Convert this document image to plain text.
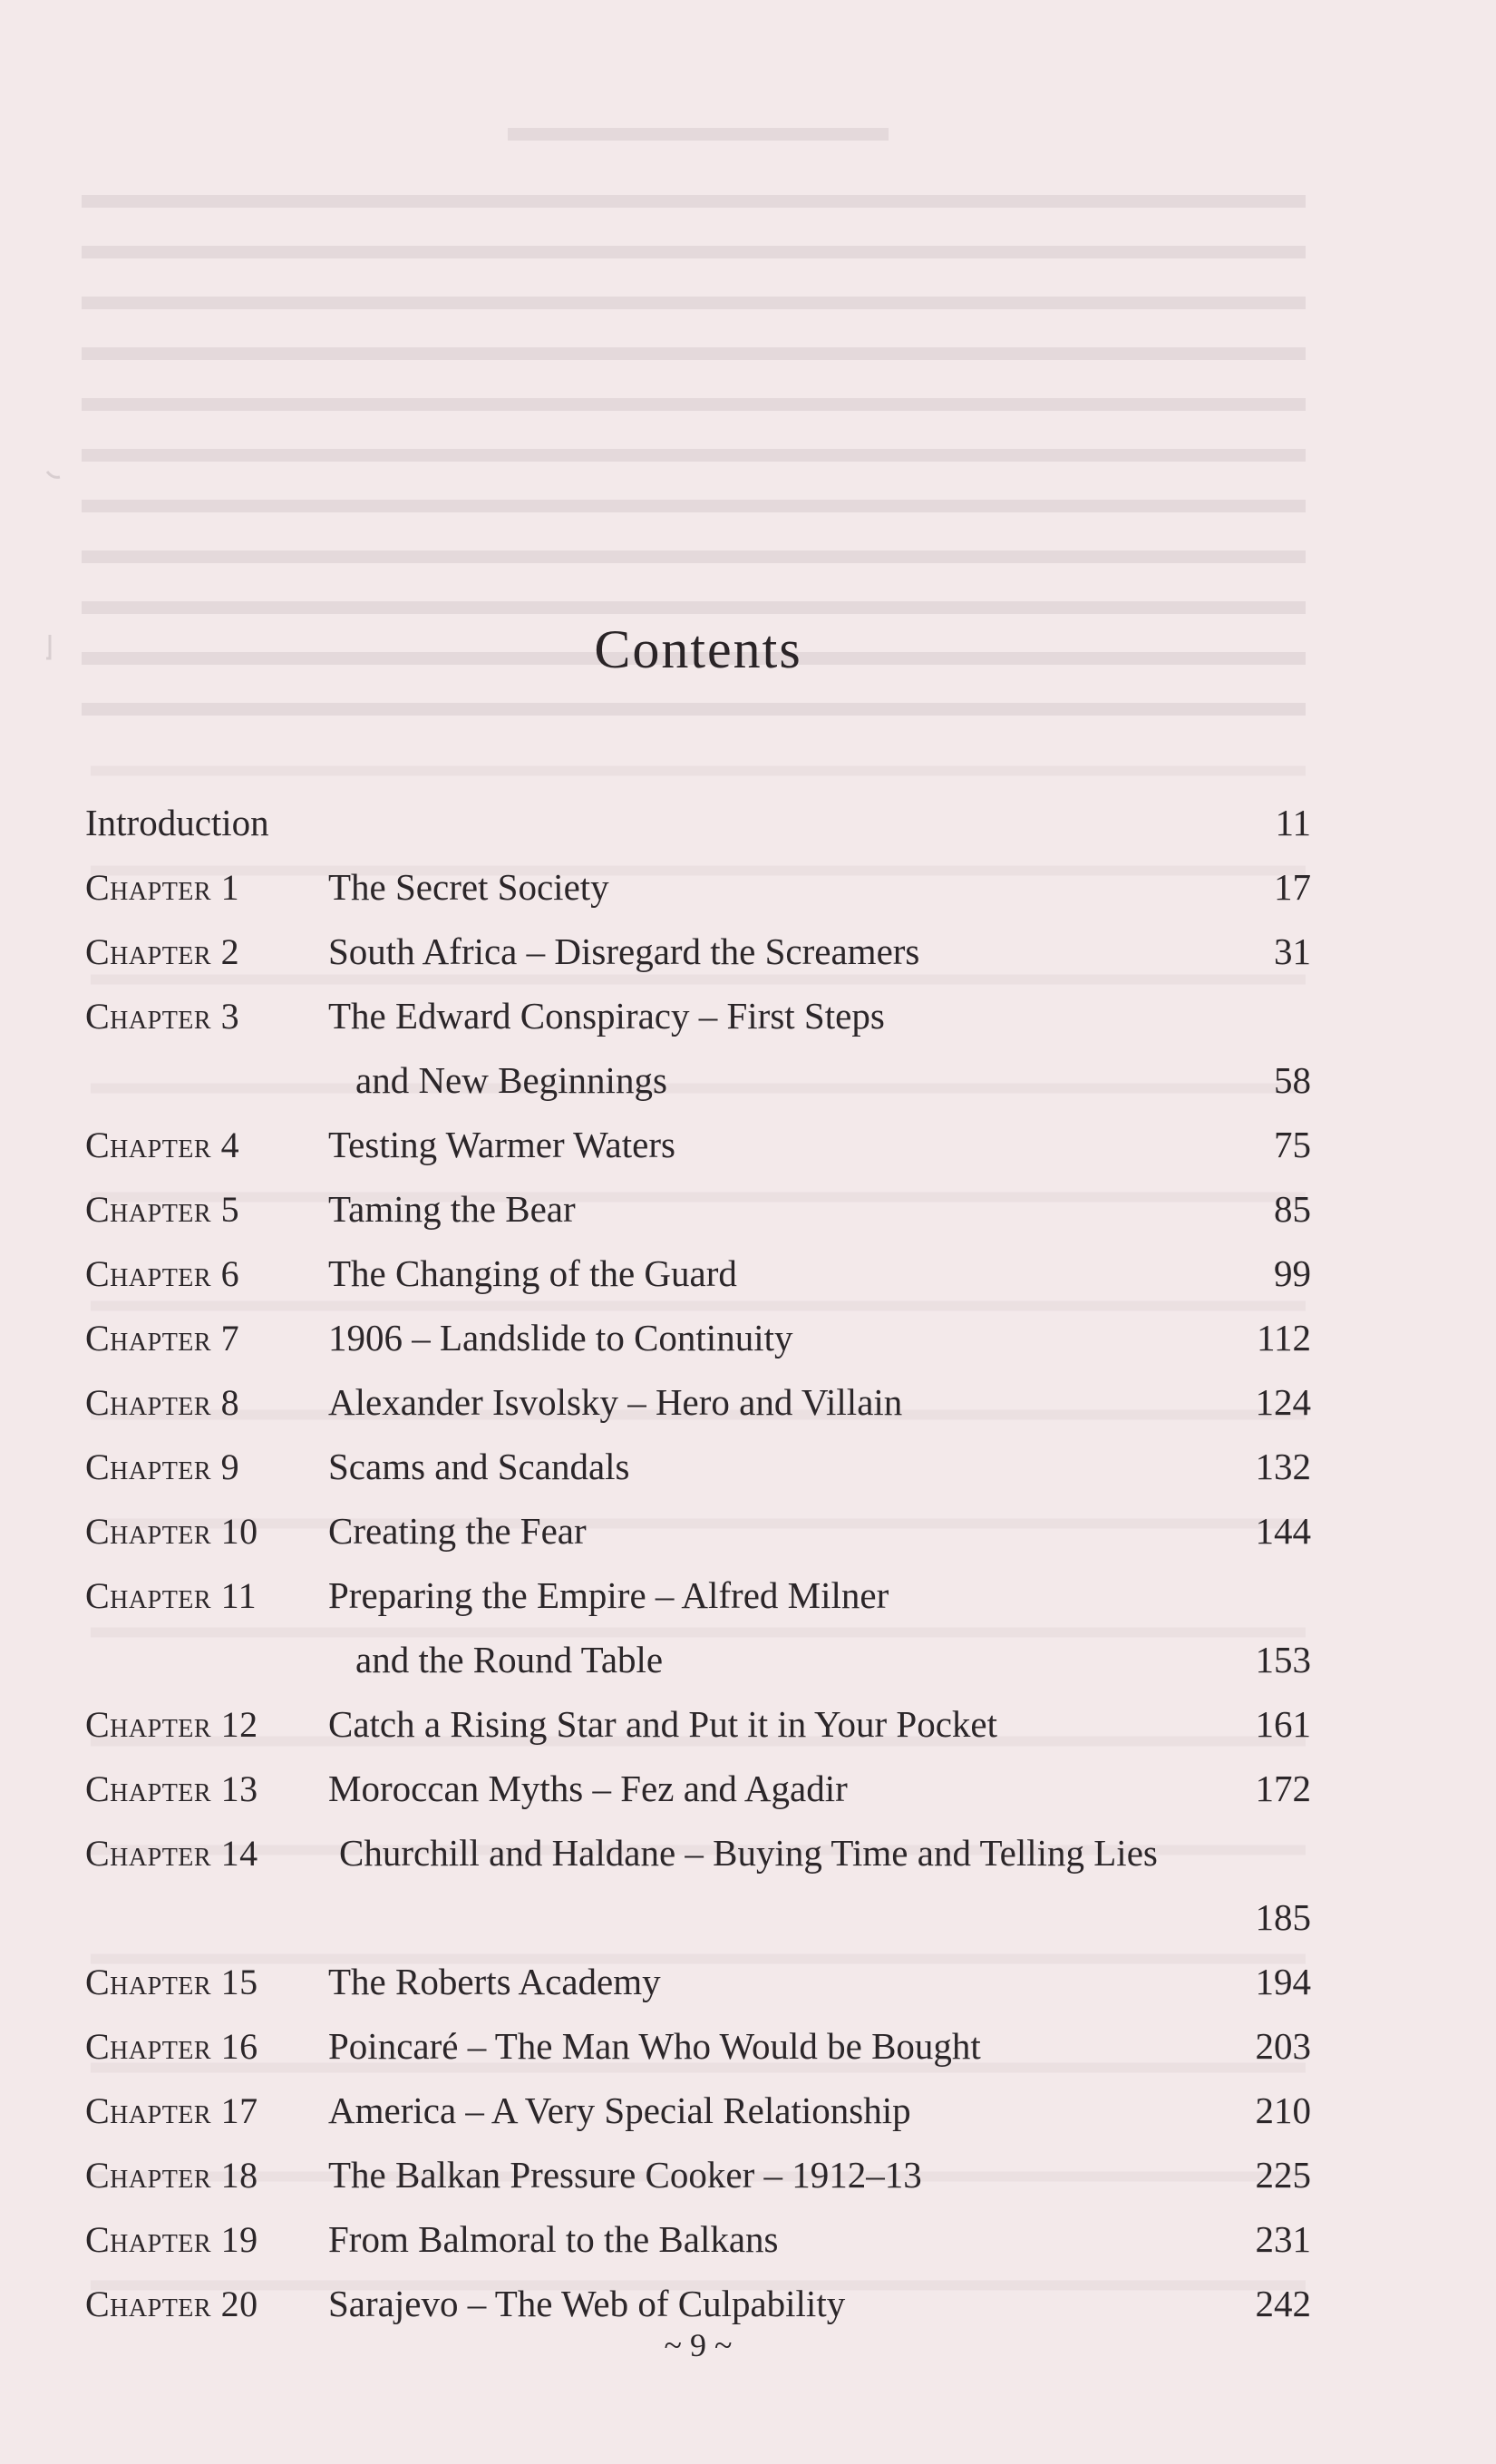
Contents
Introduction	11
Chapter 1 The Secret Society	17
Chapter 2 South Africa – Disregard the Screamers	31
Chapter 3 The Edward Conspiracy – First Steps
and New Beginnings	58
Chapter 4 Testing Warmer Waters	75
Chapter 5 Taming the Bear	85
Chapter 6 The Changing of the Guard	99
Chapter 7 1906 – Landslide to Continuity	112
Chapter 8 Alexander Isvolsky – Hero and Villain	124
Chapter 9 Scams and Scandals	132
Chapter 10 Creating the Fear	144
Chapter 11 Preparing the Empire – Alfred Milner
and the Round Table	153
Chapter 12 Catch a Rising Star and Put it in Your Pocket	161
Chapter 13 Moroccan Myths – Fez and Agadir	172
Chapter 14 Churchill and Haldane – Buying Time and Telling Lies
185
Chapter 15 The Roberts Academy	194
Chapter 16 Poincaré – The Man Who Would be Bought	203
Chapter 17 America – A Very Special Relationship	210
Chapter 18 The Balkan Pressure Cooker – 1912–13	225
Chapter 19 From Balmoral to the Balkans	231
Chapter 20 Sarajevo – The Web of Culpability	242
~ 9 ~
